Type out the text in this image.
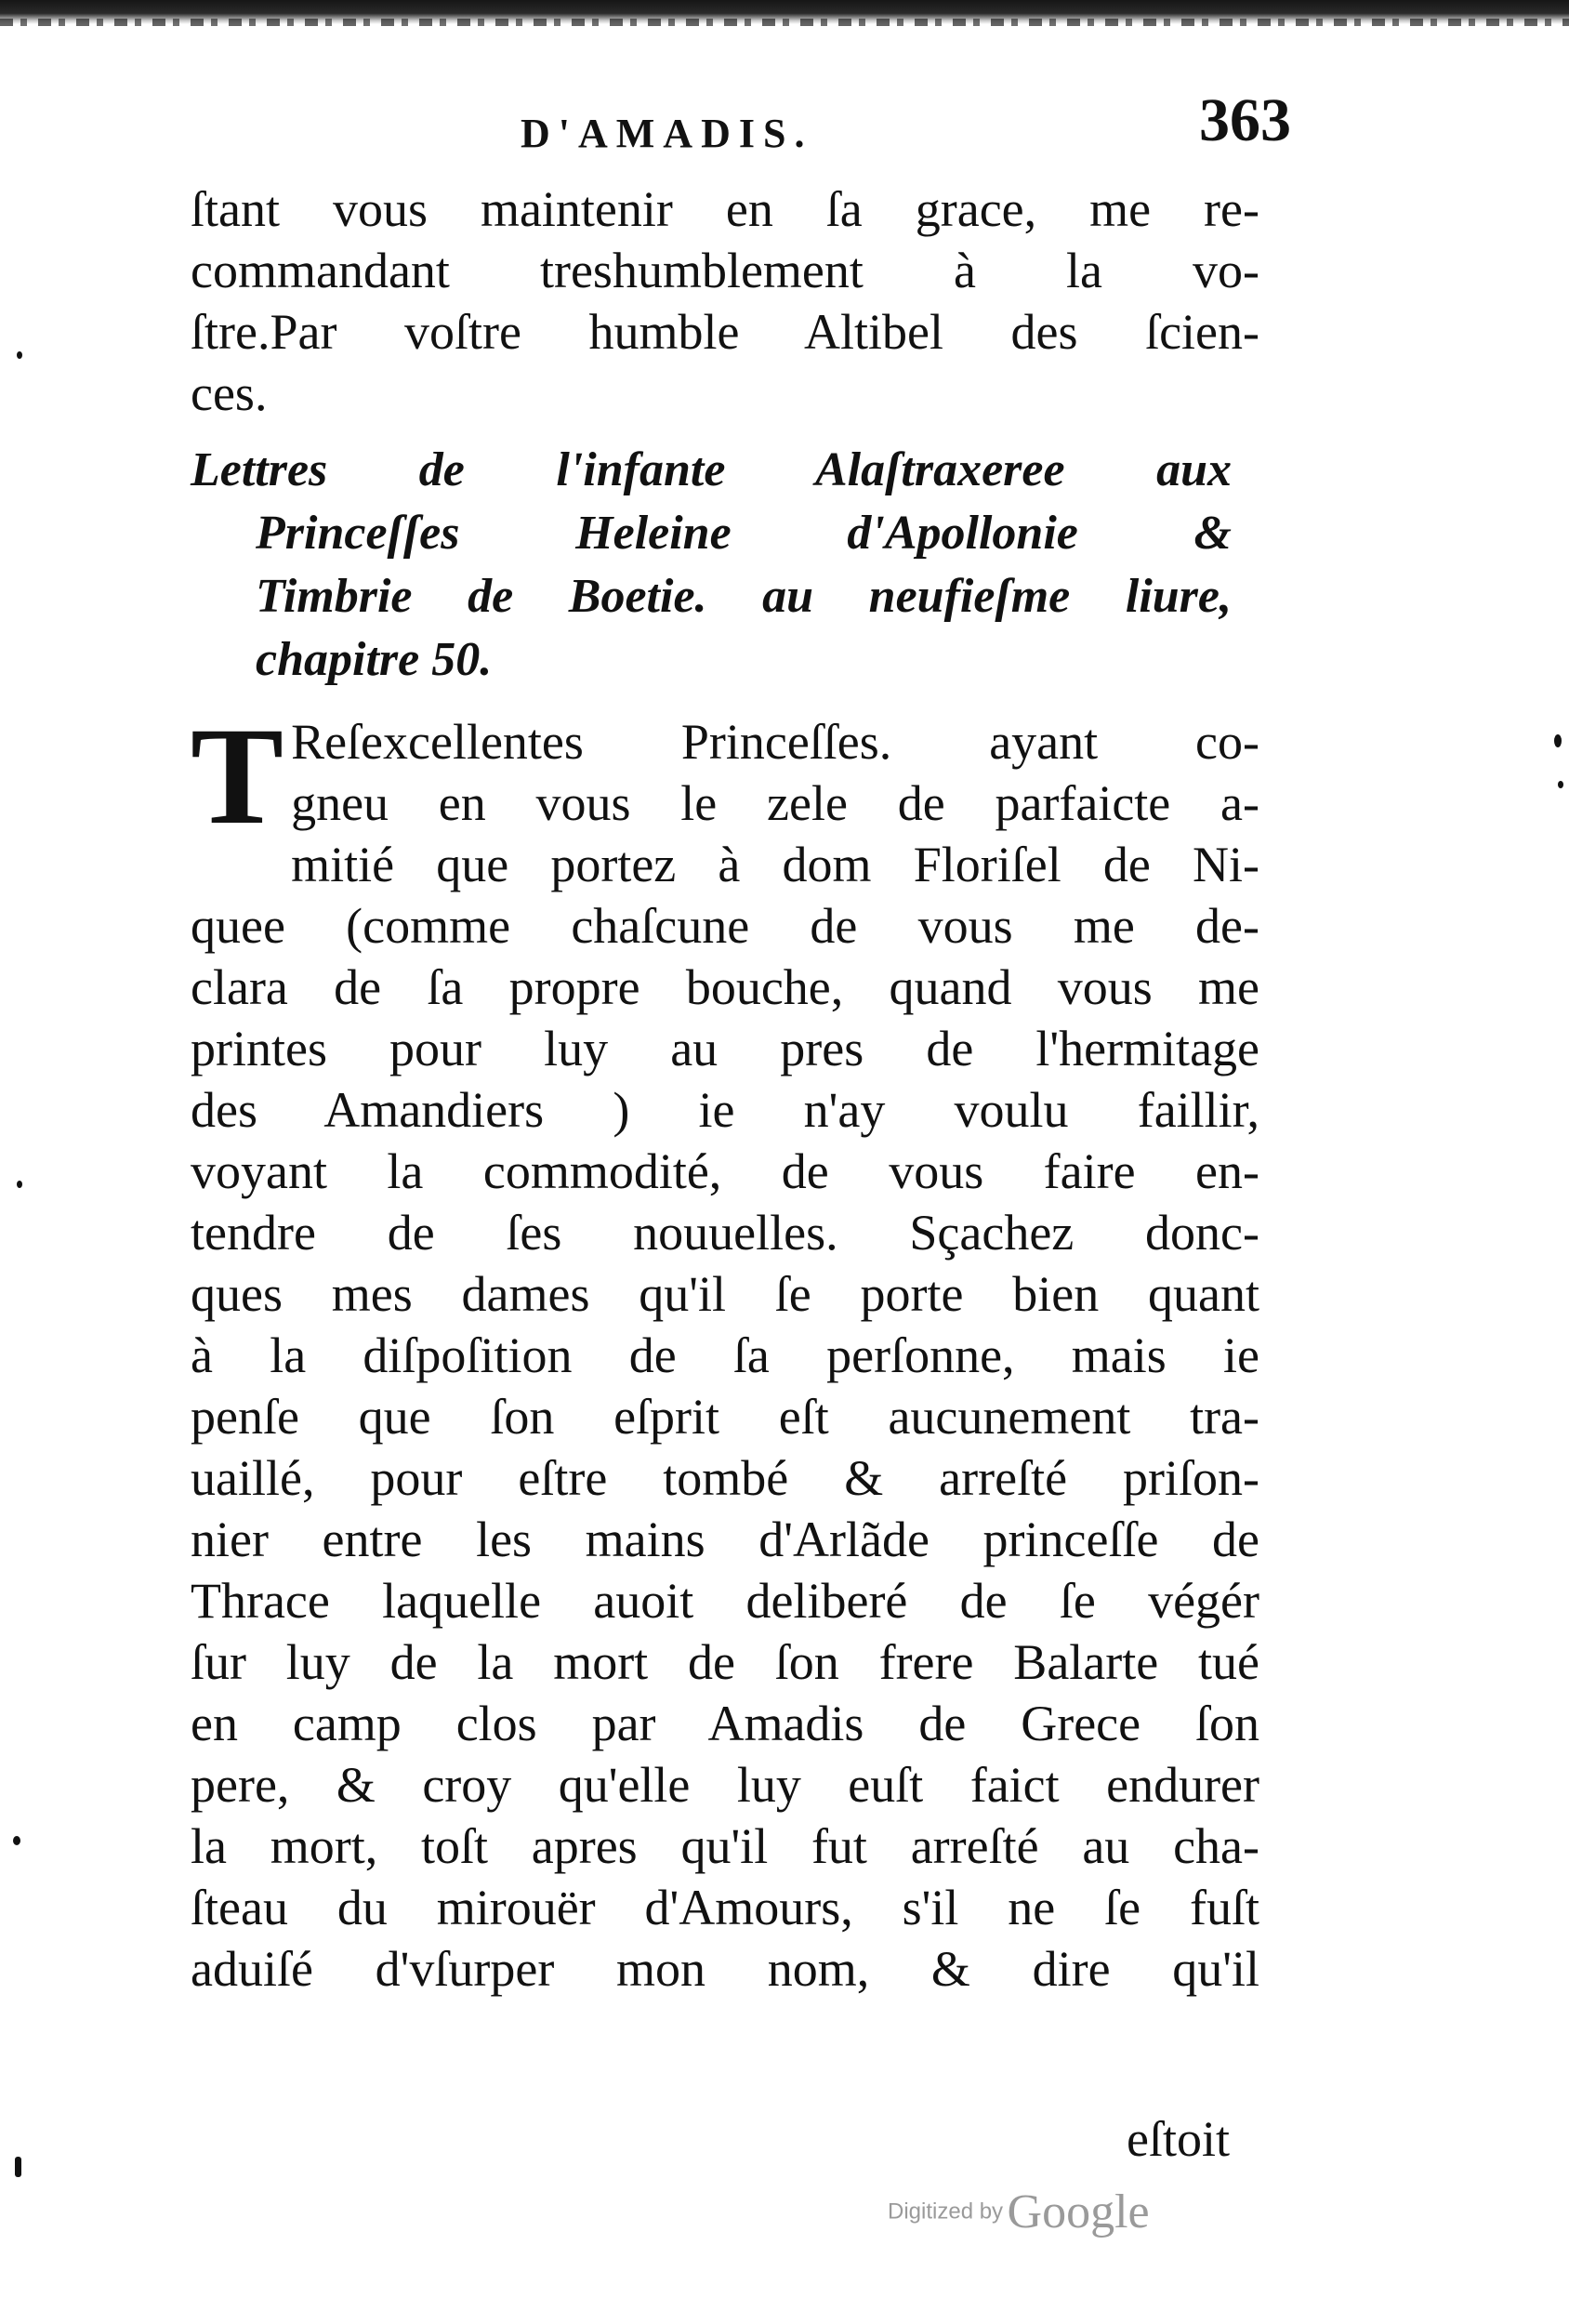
D'AMADIS.	363
ſtant vous maintenir en ſa grace, me re-
commandant treshumblement à la vo-
ſtre.Par voſtre humble Altibel des ſcien-
ces.
Lettres de l'infante Alaſtraxeree aux
Princeſſes Heleine d'Apollonie &
Timbrie de Boetie. au neufieſme liure,
chapitre 50.
T Reſexcellentes Princeſſes. ayant co-
gneu en vous le zele de parfaicte a-
mitié que portez à dom Floriſel de Ni-
quee (comme chaſcune de vous me de-
clara de ſa propre bouche, quand vous me
printes pour luy au pres de l'hermitage
des Amandiers ) ie n'ay voulu faillir,
voyant la commodité, de vous faire en-
tendre de ſes nouuelles. Sçachez donc-
ques mes dames qu'il ſe porte bien quant
à la diſpoſition de ſa perſonne, mais ie
penſe que ſon eſprit eſt aucunement tra-
uaillé, pour eſtre tombé & arreſté priſon-
nier entre les mains d'Arlãde princeſſe de
Thrace laquelle auoit deliberé de ſe végér
ſur luy de la mort de ſon frere Balarte tué
en camp clos par Amadis de Grece ſon
pere, & croy qu'elle luy euſt faict endurer
la mort, toſt apres qu'il fut arreſté au cha-
ſteau du mirouër d'Amours, s'il ne ſe fuſt
aduiſé d'vſurper mon nom, & dire qu'il
eſtoit
Digitized by Google
